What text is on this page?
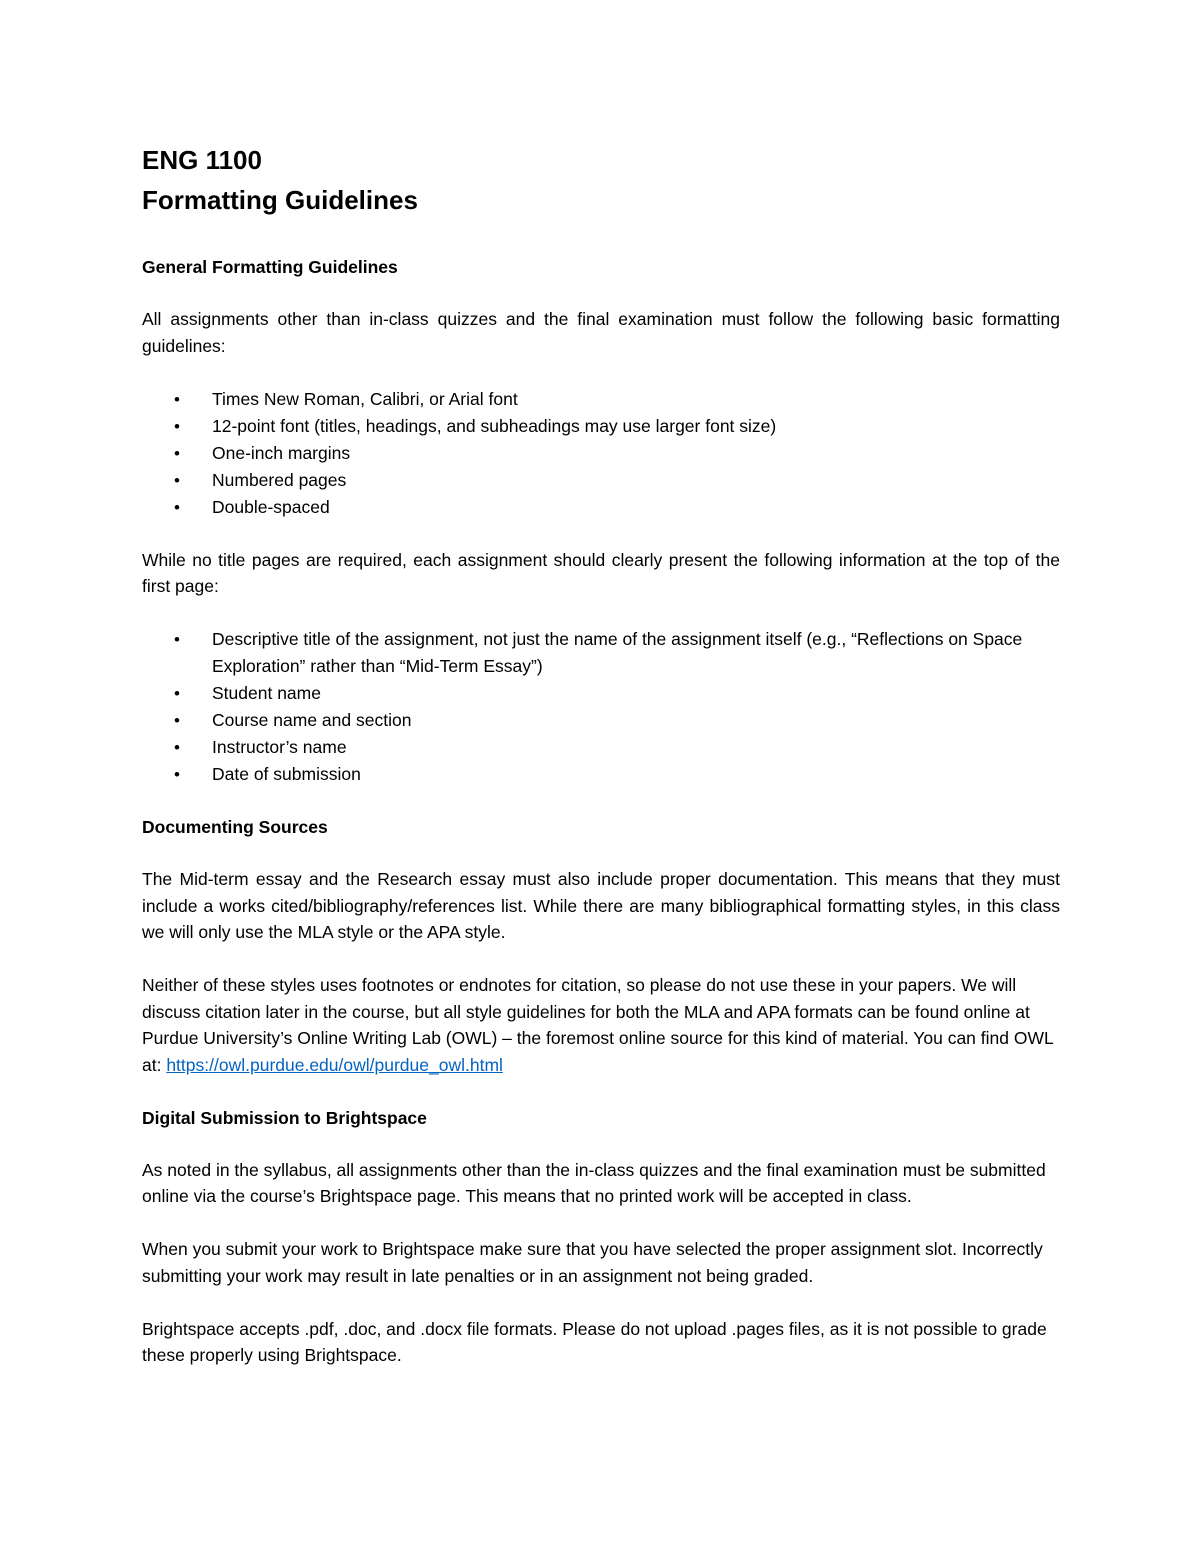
ENG 1100
Formatting Guidelines
General Formatting Guidelines

All assignments other than in-class quizzes and the final examination must follow the following basic formatting guidelines:

• Times New Roman, Calibri, or Arial font
• 12-point font (titles, headings, and subheadings may use larger font size)
• One-inch margins
• Numbered pages
• Double-spaced

While no title pages are required, each assignment should clearly present the following information at the top of the first page:

• Descriptive title of the assignment, not just the name of the assignment itself (e.g., “Reflections on Space Exploration” rather than “Mid-Term Essay”)
• Student name
• Course name and section
• Instructor’s name
• Date of submission
Documenting Sources

The Mid-term essay and the Research essay must also include proper documentation. This means that they must include a works cited/bibliography/references list. While there are many bibliographical formatting styles, in this class we will only use the MLA style or the APA style.

Neither of these styles uses footnotes or endnotes for citation, so please do not use these in your papers. We will discuss citation later in the course, but all style guidelines for both the MLA and APA formats can be found online at Purdue University’s Online Writing Lab (OWL) – the foremost online source for this kind of material. You can find OWL at: https://owl.purdue.edu/owl/purdue_owl.html

Digital Submission to Brightspace

As noted in the syllabus, all assignments other than the in-class quizzes and the final examination must be submitted online via the course’s Brightspace page. This means that no printed work will be accepted in class.

When you submit your work to Brightspace make sure that you have selected the proper assignment slot. Incorrectly submitting your work may result in late penalties or in an assignment not being graded.

Brightspace accepts .pdf, .doc, and .docx file formats. Please do not upload .pages files, as it is not possible to grade these properly using Brightspace.
